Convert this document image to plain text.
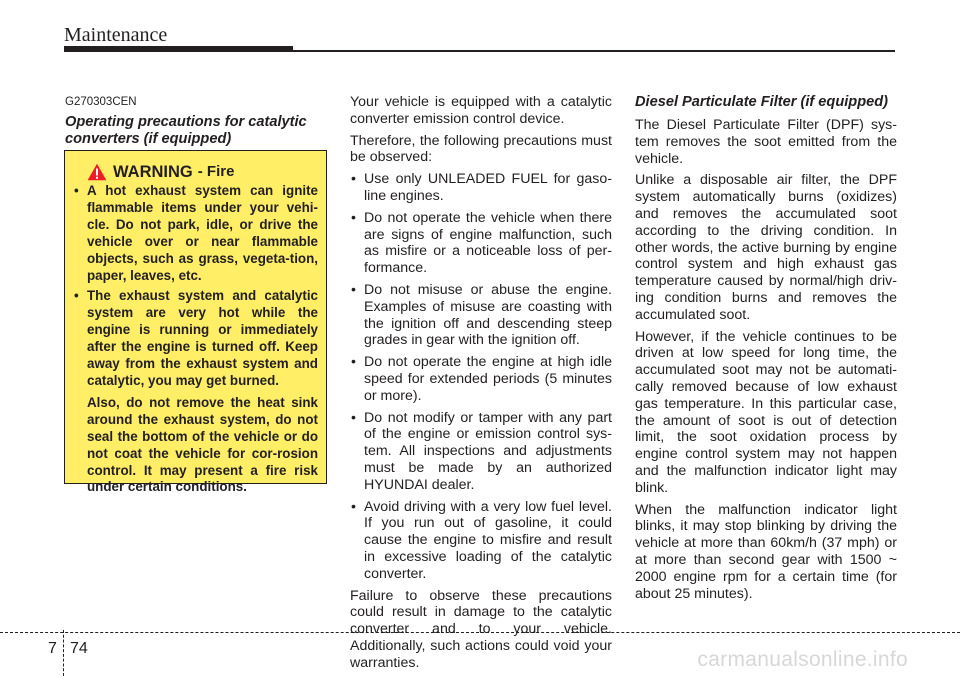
Maintenance
G270303CEN
Operating precautions for catalytic converters (if equipped)
WARNING - Fire
• A hot exhaust system can ignite flammable items under your vehi-cle. Do not park, idle, or drive the vehicle over or near flammable objects, such as grass, vegeta-tion, paper, leaves, etc.
• The exhaust system and catalytic system are very hot while the engine is running or immediately after the engine is turned off. Keep away from the exhaust system and catalytic, you may get burned.

Also, do not remove the heat sink around the exhaust system, do not seal the bottom of the vehicle or do not coat the vehicle for cor-rosion control. It may present a fire risk under certain conditions.

Your vehicle is equipped with a catalytic converter emission control device.

Therefore, the following precautions must be observed:

• Use only UNLEADED FUEL for gaso-line engines.
• Do not operate the vehicle when there are signs of engine malfunction, such as misfire or a noticeable loss of per-formance.
• Do not misuse or abuse the engine. Examples of misuse are coasting with the ignition off and descending steep grades in gear with the ignition off.
• Do not operate the engine at high idle speed for extended periods (5 minutes or more).
• Do not modify or tamper with any part of the engine or emission control sys-tem. All inspections and adjustments must be made by an authorized HYUNDAI dealer.
• Avoid driving with a very low fuel level. If you run out of gasoline, it could cause the engine to misfire and result in excessive loading of the catalytic converter.

Failure to observe these precautions could result in damage to the catalytic converter and to your vehicle. Additionally, such actions could void your warranties.

Diesel Particulate Filter (if equipped)

The Diesel Particulate Filter (DPF) sys-tem removes the soot emitted from the vehicle.

Unlike a disposable air filter, the DPF system automatically burns (oxidizes) and removes the accumulated soot according to the driving condition. In other words, the active burning by engine control system and high exhaust gas temperature caused by normal/high driv-ing condition burns and removes the accumulated soot.

However, if the vehicle continues to be driven at low speed for long time, the accumulated soot may not be automati-cally removed because of low exhaust gas temperature. In this particular case, the amount of soot is out of detection limit, the soot oxidation process by engine control system may not happen and the malfunction indicator light may blink.

When the malfunction indicator light blinks, it may stop blinking by driving the vehicle at more than 60km/h (37 mph) or at more than second gear with 1500 ~ 2000 engine rpm for a certain time (for about 25 minutes).

7 74	carmanualsonline.info
